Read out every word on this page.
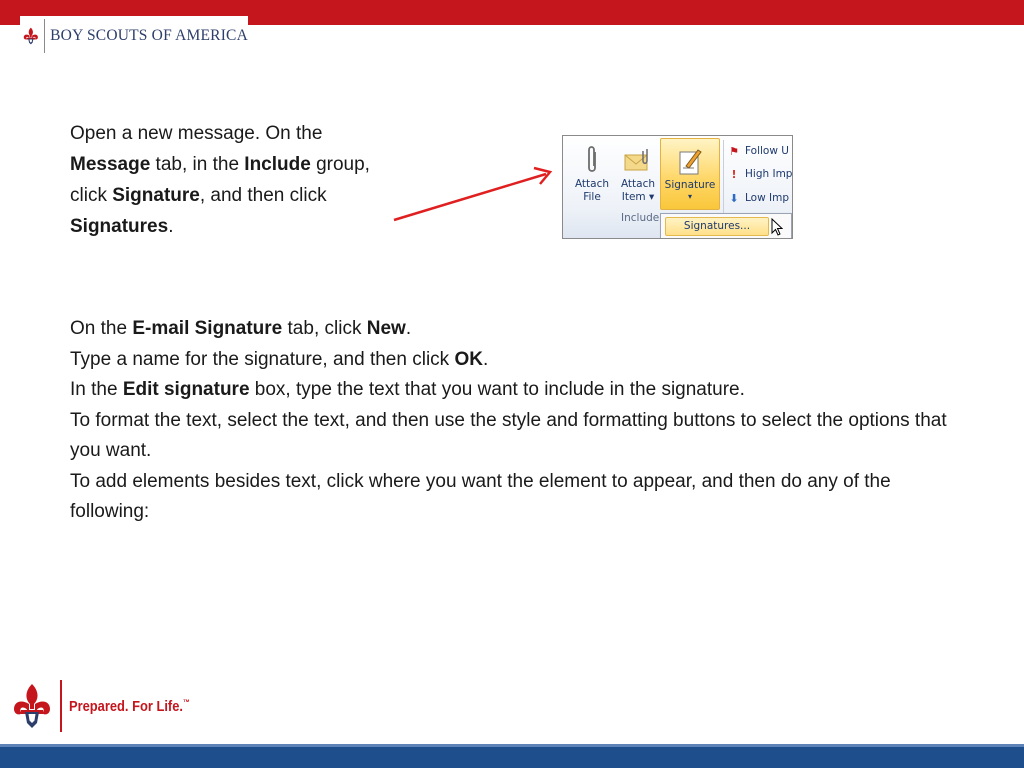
BOY SCOUTS OF AMERICA
Open a new message. On the Message tab, in the Include group, click Signature, and then click Signatures.
Attach
File
Attach
Item ▾
Signature
▾
⚑ Follow U
! High Imp
⬇ Low Imp
Include
Signatures...

On the E-mail Signature tab, click New.

Type a name for the signature, and then click OK.

In the Edit signature box, type the text that you want to include in the signature.

To format the text, select the text, and then use the style and formatting buttons to select the options that you want.

To add elements besides text, click where you want the element to appear, and then do any of the following:

Prepared. For Life.™
